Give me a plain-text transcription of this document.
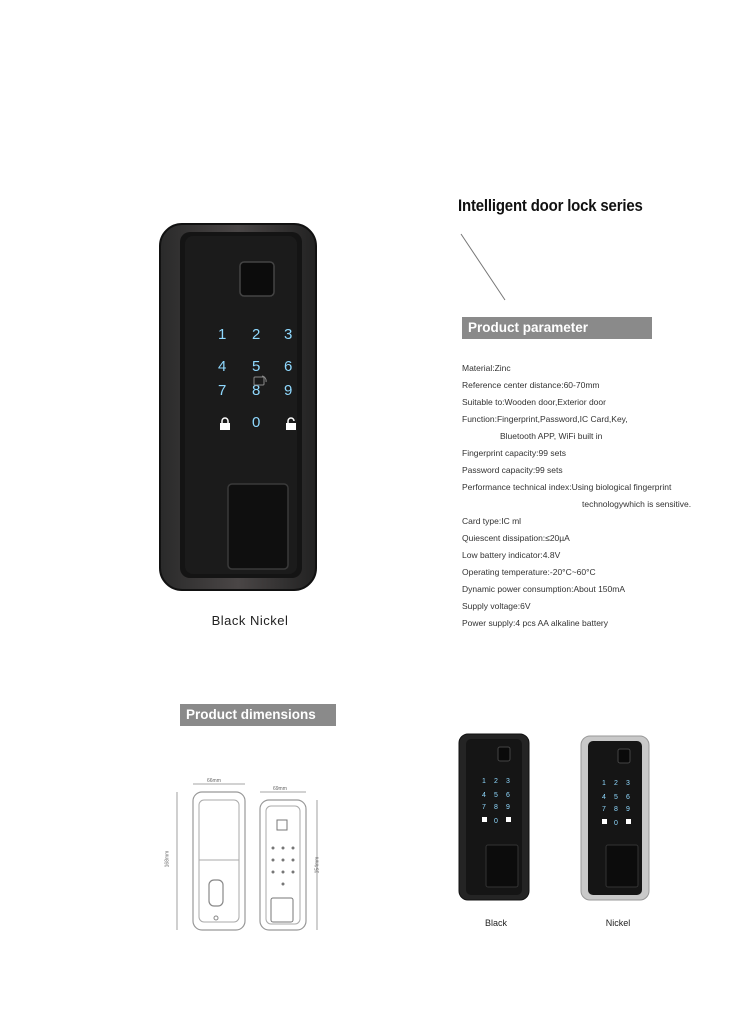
1 2 3
4 5 6
7 8 9
0
Black Nickel
Intelligent door lock series
Product parameter
Material:Zinc
Reference center distance:60-70mm
Suitable to:Wooden door,Exterior door
Function:Fingerprint,Password,IC Card,Key,
Bluetooth APP, WiFi built in
Fingerprint capacity:99 sets
Password capacity:99 sets
Performance technical index:Using biological fingerprint
technologywhich is sensitive.
Card type:IC ml
Quiescent dissipation:≤20µA
Low battery indicator:4.8V
Operating temperature:-20°C~60°C
Dynamic power consumption:About 150mA
Supply voltage:6V
Power supply:4 pcs AA alkaline battery
Product dimensions
66mm
69mm
168mm	154mm
1 2 3
4 5 6
7 8 9
0
Black
1 2 3
4 5 6
7 8 9
0
Nickel
